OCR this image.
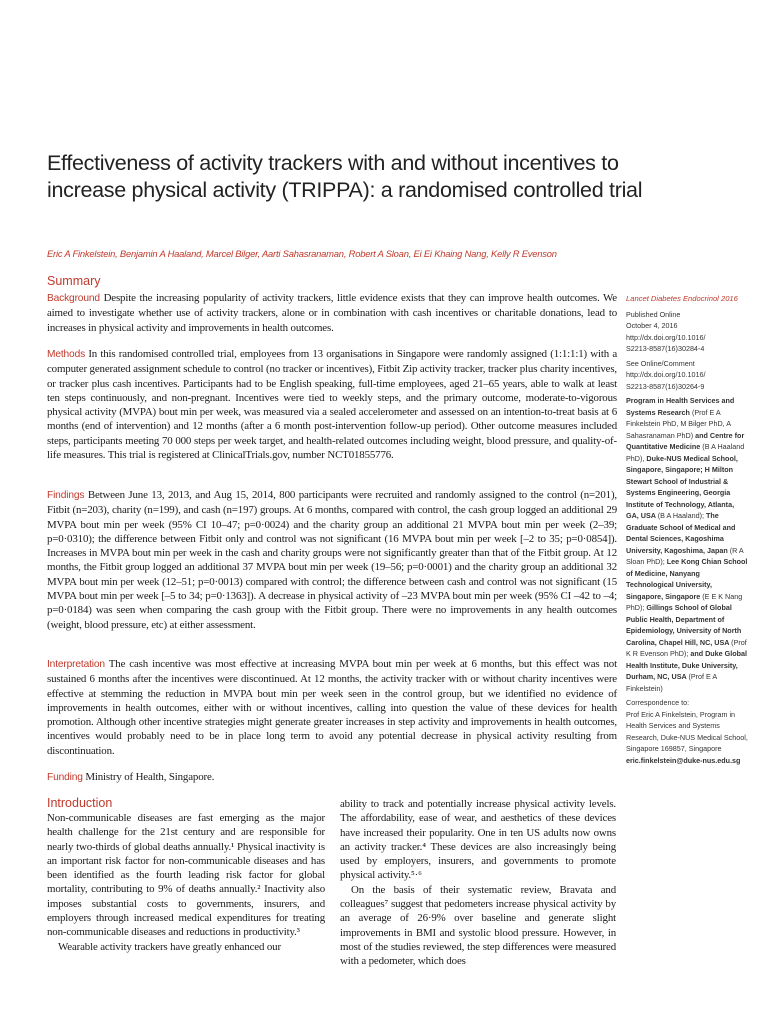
Effectiveness of activity trackers with and without incentives to increase physical activity (TRIPPA): a randomised controlled trial
Eric A Finkelstein, Benjamin A Haaland, Marcel Bilger, Aarti Sahasranaman, Robert A Sloan, Ei Ei Khaing Nang, Kelly R Evenson
Summary
Background Despite the increasing popularity of activity trackers, little evidence exists that they can improve health outcomes. We aimed to investigate whether use of activity trackers, alone or in combination with cash incentives or charitable donations, lead to increases in physical activity and improvements in health outcomes.
Methods In this randomised controlled trial, employees from 13 organisations in Singapore were randomly assigned (1:1:1:1) with a computer generated assignment schedule to control (no tracker or incentives), Fitbit Zip activity tracker, tracker plus charity incentives, or tracker plus cash incentives. Participants had to be English speaking, full-time employees, aged 21–65 years, able to walk at least ten steps continuously, and non-pregnant. Incentives were tied to weekly steps, and the primary outcome, moderate-to-vigorous physical activity (MVPA) bout min per week, was measured via a sealed accelerometer and assessed on an intention-to-treat basis at 6 months (end of intervention) and 12 months (after a 6 month post-intervention follow-up period). Other outcome measures included steps, participants meeting 70 000 steps per week target, and health-related outcomes including weight, blood pressure, and quality-of-life measures. This trial is registered at ClinicalTrials.gov, number NCT01855776.
Findings Between June 13, 2013, and Aug 15, 2014, 800 participants were recruited and randomly assigned to the control (n=201), Fitbit (n=203), charity (n=199), and cash (n=197) groups. At 6 months, compared with control, the cash group logged an additional 29 MVPA bout min per week (95% CI 10–47; p=0·0024) and the charity group an additional 21 MVPA bout min per week (2–39; p=0·0310); the difference between Fitbit only and control was not significant (16 MVPA bout min per week [–2 to 35; p=0·0854]). Increases in MVPA bout min per week in the cash and charity groups were not significantly greater than that of the Fitbit group. At 12 months, the Fitbit group logged an additional 37 MVPA bout min per week (19–56; p=0·0001) and the charity group an additional 32 MVPA bout min per week (12–51; p=0·0013) compared with control; the difference between cash and control was not significant (15 MVPA bout min per week [–5 to 34; p=0·1363]). A decrease in physical activity of –23 MVPA bout min per week (95% CI –42 to –4; p=0·0184) was seen when comparing the cash group with the Fitbit group. There were no improvements in any health outcomes (weight, blood pressure, etc) at either assessment.
Interpretation The cash incentive was most effective at increasing MVPA bout min per week at 6 months, but this effect was not sustained 6 months after the incentives were discontinued. At 12 months, the activity tracker with or without charity incentives were effective at stemming the reduction in MVPA bout min per week seen in the control group, but we identified no evidence of improvements in health outcomes, either with or without incentives, calling into question the value of these devices for health promotion. Although other incentive strategies might generate greater increases in step activity and improvements in health outcomes, incentives would probably need to be in place long term to avoid any potential decrease in physical activity resulting from discontinuation.
Funding Ministry of Health, Singapore.
Introduction

Non-communicable diseases are fast emerging as the major health challenge for the 21st century and are responsible for nearly two-thirds of global deaths annually.¹ Physical inactivity is an important risk factor for non-communicable diseases and has been identified as the fourth leading risk factor for global mortality, contributing to 9% of deaths annually.² Inactivity also imposes substantial costs to governments, insurers, and employers through increased medical expenditures for treating non-communicable diseases and reductions in productivity.³

Wearable activity trackers have greatly enhanced our

ability to track and potentially increase physical activity levels. The affordability, ease of wear, and aesthetics of these devices have increased their popularity. One in ten US adults now owns an activity tracker.⁴ These devices are also increasingly being used by employers, insurers, and governments to promote physical activity.⁵·⁶

On the basis of their systematic review, Bravata and colleagues⁷ suggest that pedometers increase physical activity by an average of 26·9% over baseline and generate slight improvements in BMI and systolic blood pressure. However, in most of the studies reviewed, the step differences were measured with a pedometer, which does

Lancet Diabetes Endocrinol 2016
Published Online
October 4, 2016
http://dx.doi.org/10.1016/
S2213-8587(16)30284-4
See Online/Comment
http://dx.doi.org/10.1016/
S2213-8587(16)30264-9
Program in Health Services and Systems Research (Prof E A Finkelstein PhD, M Bilger PhD, A Sahasranaman PhD) and Centre for Quantitative Medicine (B A Haaland PhD), Duke-NUS Medical School, Singapore, Singapore; H Milton Stewart School of Industrial & Systems Engineering, Georgia Institute of Technology, Atlanta, GA, USA (B A Haaland); The Graduate School of Medical and Dental Sciences, Kagoshima University, Kagoshima, Japan (R A Sloan PhD); Lee Kong Chian School of Medicine, Nanyang Technological University, Singapore, Singapore (E E K Nang PhD); Gillings School of Global Public Health, Department of Epidemiology, University of North Carolina, Chapel Hill, NC, USA (Prof K R Evenson PhD); and Duke Global Health Institute, Duke University, Durham, NC, USA (Prof E A Finkelstein)
Correspondence to:
Prof Eric A Finkelstein, Program in Health Services and Systems Research, Duke-NUS Medical School, Singapore 169857, Singapore
eric.finkelstein@duke-nus.edu.sg
